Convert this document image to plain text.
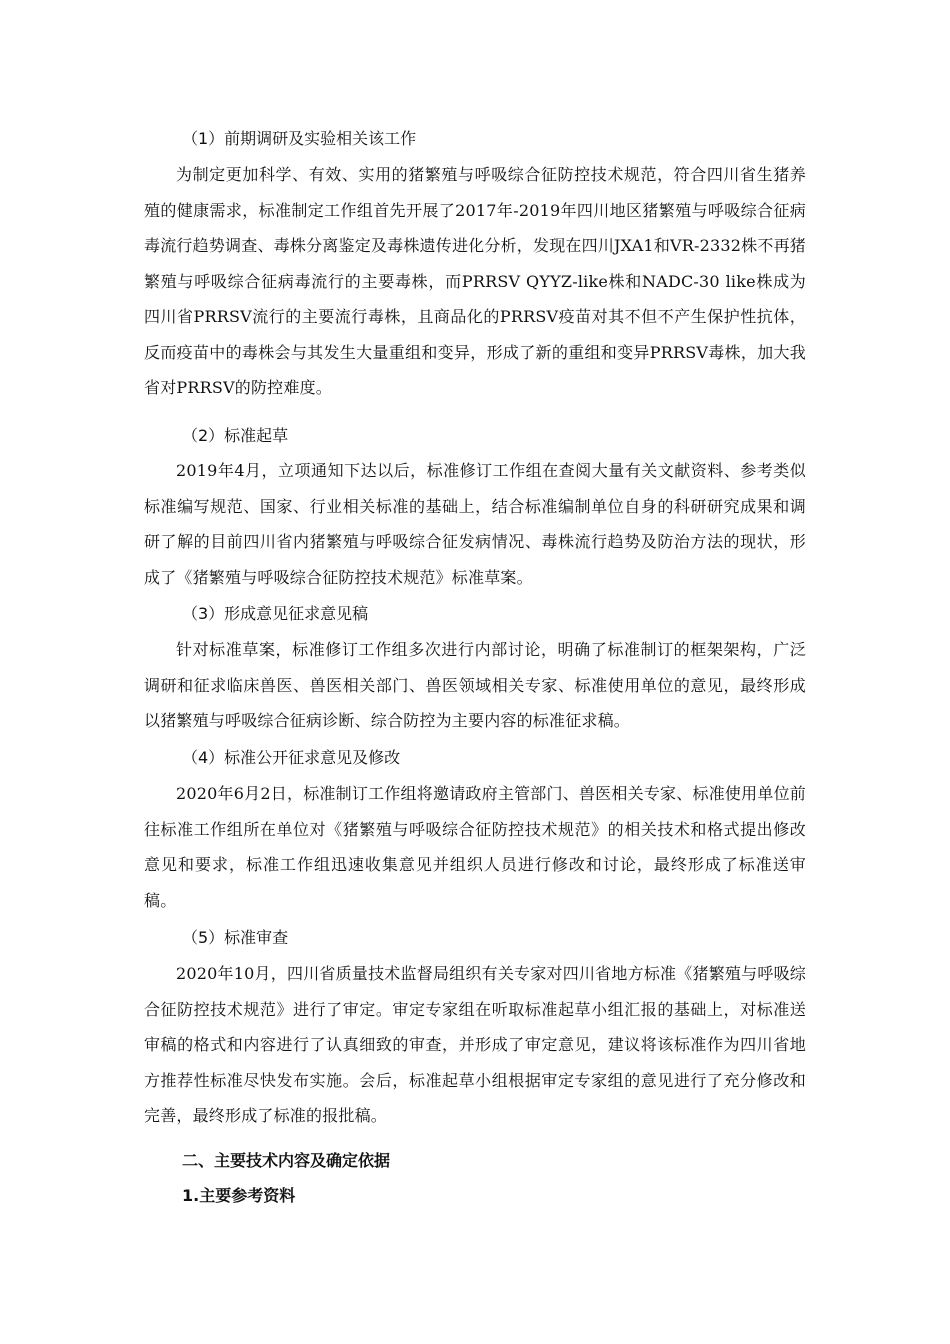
（1）前期调研及实验相关该工作
为制定更加科学、有效、实用的猪繁殖与呼吸综合征防控技术规范，符合四川省生猪养殖的健康需求，标准制定工作组首先开展了2017年-2019年四川地区猪繁殖与呼吸综合征病毒流行趋势调查、毒株分离鉴定及毒株遗传进化分析，发现在四川JXA1和VR-2332株不再猪繁殖与呼吸综合征病毒流行的主要毒株，而PRRSV QYYZ-like株和NADC-30 like株成为四川省PRRSV流行的主要流行毒株，且商品化的PRRSV疫苗对其不但不产生保护性抗体，反而疫苗中的毒株会与其发生大量重组和变异，形成了新的重组和变异PRRSV毒株，加大我省对PRRSV的防控难度。
（2）标准起草
2019年4月，立项通知下达以后，标准修订工作组在查阅大量有关文献资料、参考类似标准编写规范、国家、行业相关标准的基础上，结合标准编制单位自身的科研研究成果和调研了解的目前四川省内猪繁殖与呼吸综合征发病情况、毒株流行趋势及防治方法的现状，形成了《猪繁殖与呼吸综合征防控技术规范》标准草案。
（3）形成意见征求意见稿
针对标准草案，标准修订工作组多次进行内部讨论，明确了标准制订的框架架构，广泛调研和征求临床兽医、兽医相关部门、兽医领域相关专家、标准使用单位的意见，最终形成以猪繁殖与呼吸综合征病诊断、综合防控为主要内容的标准征求稿。
（4）标准公开征求意见及修改
2020年6月2日，标准制订工作组将邀请政府主管部门、兽医相关专家、标准使用单位前往标准工作组所在单位对《猪繁殖与呼吸综合征防控技术规范》的相关技术和格式提出修改意见和要求，标准工作组迅速收集意见并组织人员进行修改和讨论，最终形成了标准送审稿。
（5）标准审查
2020年10月，四川省质量技术监督局组织有关专家对四川省地方标准《猪繁殖与呼吸综合征防控技术规范》进行了审定。审定专家组在听取标准起草小组汇报的基础上，对标准送审稿的格式和内容进行了认真细致的审查，并形成了审定意见，建议将该标准作为四川省地方推荐性标准尽快发布实施。会后，标准起草小组根据审定专家组的意见进行了充分修改和完善，最终形成了标准的报批稿。
二、主要技术内容及确定依据
1.主要参考资料
